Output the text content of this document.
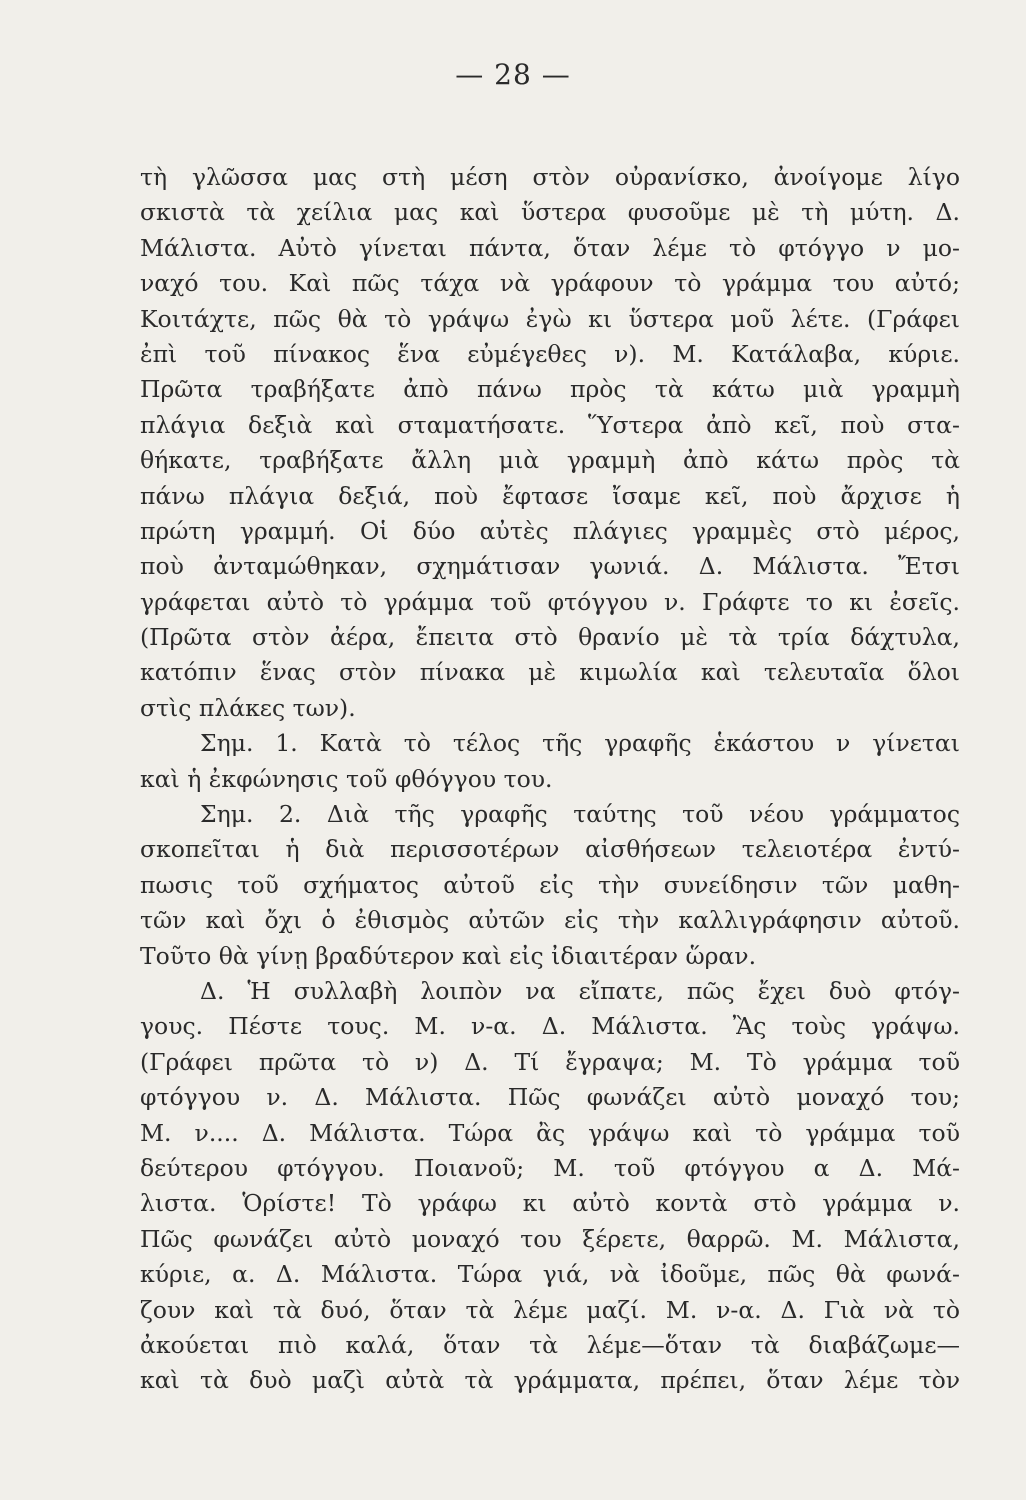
— 28 —
τὴ γλῶσσα μας στὴ μέση στὸν οὐρανίσκο, ἀνοίγομε λίγο
σκιστὰ τὰ χείλια μας καὶ ὕστερα φυσοῦμε μὲ τὴ μύτη. Δ.
Μάλιστα. Αὐτὸ γίνεται πάντα, ὅταν λέμε τὸ φτόγγο ν μο-
ναχό του. Καὶ πῶς τάχα νὰ γράφουν τὸ γράμμα του αὐτό;
Κοιτάχτε, πῶς θὰ τὸ γράψω ἐγὼ κι ὕστερα μοῦ λέτε. (Γράφει
ἐπὶ τοῦ πίνακος ἕνα εὐμέγεθες ν). Μ. Κατάλαβα, κύριε.
Πρῶτα τραβήξατε ἀπὸ πάνω πρὸς τὰ κάτω μιὰ γραμμὴ
πλάγια δεξιὰ καὶ σταματήσατε. Ὕστερα ἀπὸ κεῖ, ποὺ στα-
θήκατε, τραβήξατε ἄλλη μιὰ γραμμὴ ἀπὸ κάτω πρὸς τὰ
πάνω πλάγια δεξιά, ποὺ ἔφτασε ἴσαμε κεῖ, ποὺ ἄρχισε ἡ
πρώτη γραμμή. Οἱ δύο αὐτὲς πλάγιες γραμμὲς στὸ μέρος,
ποὺ ἀνταμώθηκαν, σχημάτισαν γωνιά. Δ. Μάλιστα. Ἔτσι
γράφεται αὐτὸ τὸ γράμμα τοῦ φτόγγου ν. Γράφτε το κι ἐσεῖς.
(Πρῶτα στὸν ἀέρα, ἔπειτα στὸ θρανίο μὲ τὰ τρία δάχτυλα,
κατόπιν ἕνας στὸν πίνακα μὲ κιμωλία καὶ τελευταῖα ὅλοι
στὶς πλάκες των).
Σημ. 1. Κατὰ τὸ τέλος τῆς γραφῆς ἑκάστου ν γίνεται
καὶ ἡ ἐκφώνησις τοῦ φθόγγου του.
Σημ. 2. Διὰ τῆς γραφῆς ταύτης τοῦ νέου γράμματος
σκοπεῖται ἡ διὰ περισσοτέρων αἰσθήσεων τελειοτέρα ἐντύ-
πωσις τοῦ σχήματος αὐτοῦ εἰς τὴν συνείδησιν τῶν μαθη-
τῶν καὶ ὄχι ὁ ἐθισμὸς αὐτῶν εἰς τὴν καλλιγράφησιν αὐτοῦ.
Τοῦτο θὰ γίνῃ βραδύτερον καὶ εἰς ἰδιαιτέραν ὥραν.
Δ. Ἡ συλλαβὴ λοιπὸν να εἴπατε, πῶς ἔχει δυὸ φτόγ-
γους. Πέστε τους. Μ. ν-α. Δ. Μάλιστα. Ἂς τοὺς γράψω.
(Γράφει πρῶτα τὸ ν) Δ. Τί ἔγραψα; Μ. Τὸ γράμμα τοῦ
φτόγγου ν. Δ. Μάλιστα. Πῶς φωνάζει αὐτὸ μοναχό του;
Μ. ν.... Δ. Μάλιστα. Τώρα ἂς γράψω καὶ τὸ γράμμα τοῦ
δεύτερου φτόγγου. Ποιανοῦ; Μ. τοῦ φτόγγου α Δ. Μά-
λιστα. Ὁρίστε! Τὸ γράφω κι αὐτὸ κοντὰ στὸ γράμμα ν.
Πῶς φωνάζει αὐτὸ μοναχό του ξέρετε, θαρρῶ. Μ. Μάλιστα,
κύριε, α. Δ. Μάλιστα. Τώρα γιά, νὰ ἰδοῦμε, πῶς θὰ φωνά-
ζουν καὶ τὰ δυό, ὅταν τὰ λέμε μαζί. Μ. ν-α. Δ. Γιὰ νὰ τὸ
ἀκούεται πιὸ καλά, ὅταν τὰ λέμε—ὅταν τὰ διαβάζωμε—
καὶ τὰ δυὸ μαζὶ αὐτὰ τὰ γράμματα, πρέπει, ὅταν λέμε τὸν
